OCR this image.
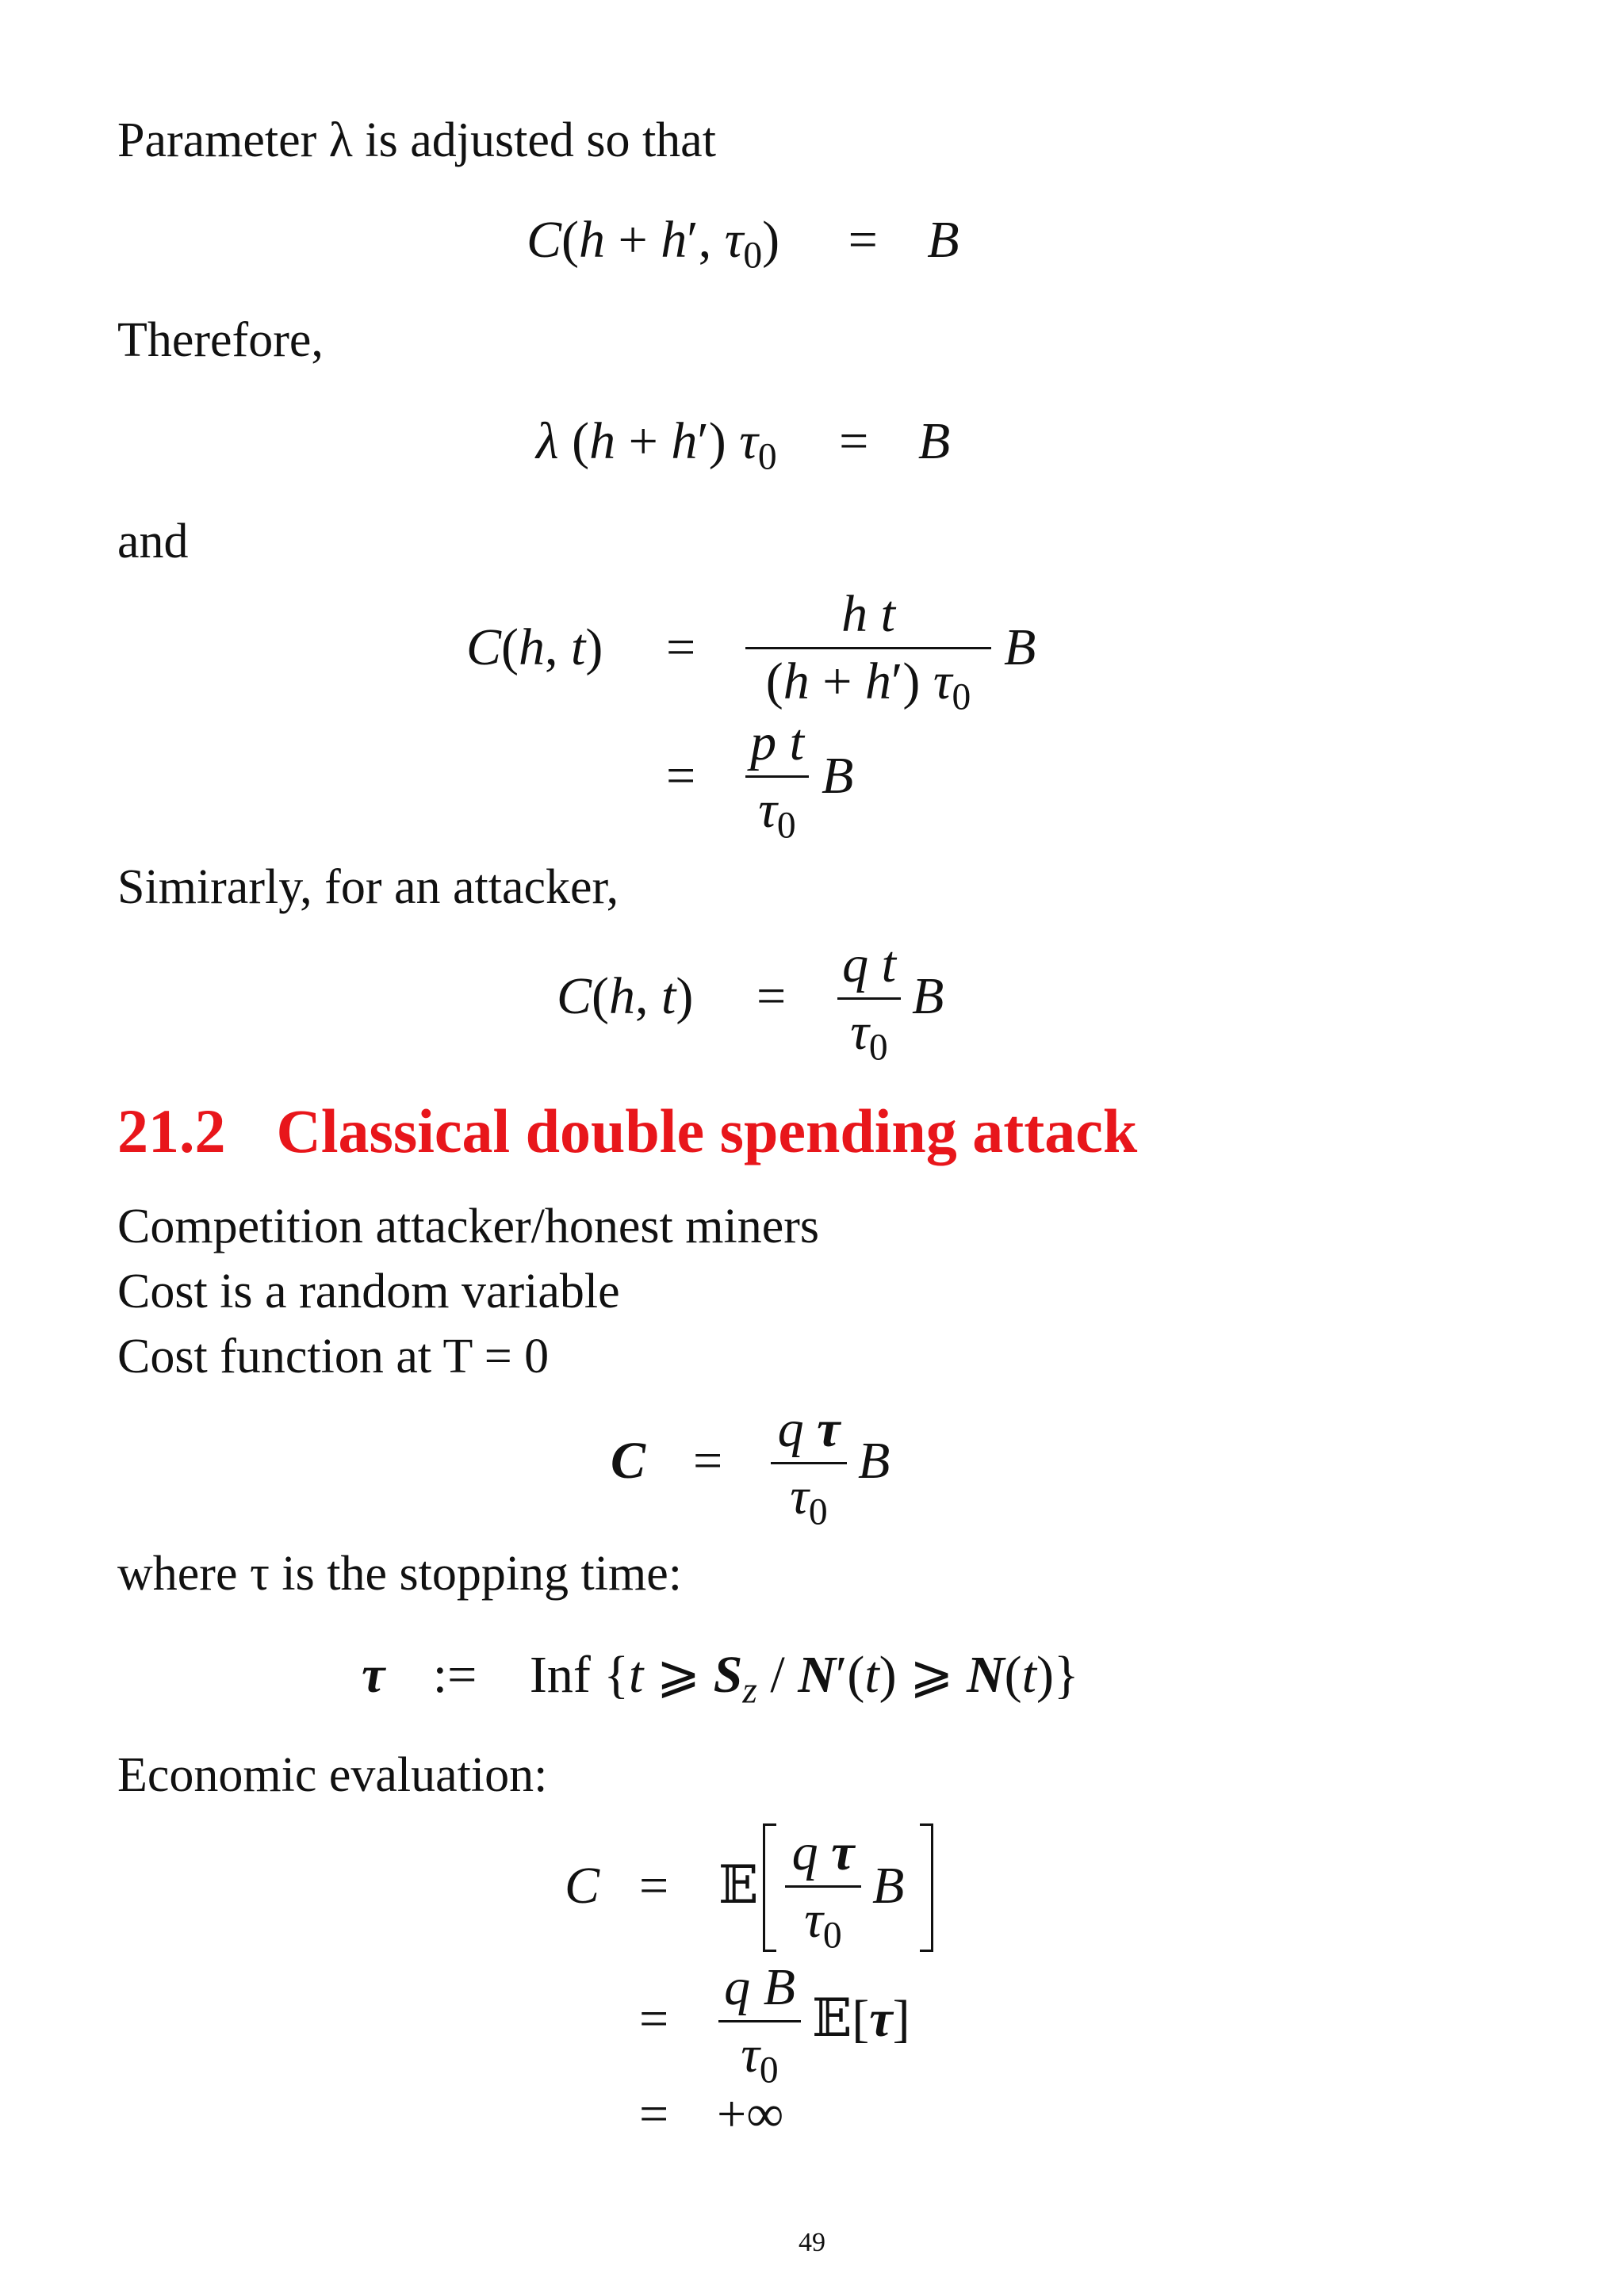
Parameter λ is adjusted so that
C(h + h′, $\tau_0) = B$
Therefore,
λ (h + h′) $\tau_0 = B$
and
C(h, t) =
h t
(h + h′) $\tau_0$
B
=
p t
$\tau_0$
B
Simirarly, for an attacker,
C(h, t) =
q t
$\tau_0$
B
21.2 Classical double spending attack
Competition attacker/honest miners
Cost is a random variable
Cost function at T = 0
C =
q τ
$\tau_0$
B
where τ is the stopping time:
τ := Inf {t ⩾ $S_z / N'(t)$ ⩾ N(t)}
Economic evaluation:
C = 𝔼
q τ
$\tau_0$
B
=
q B
$\tau_0$
𝔼[τ]
= +∞
49
